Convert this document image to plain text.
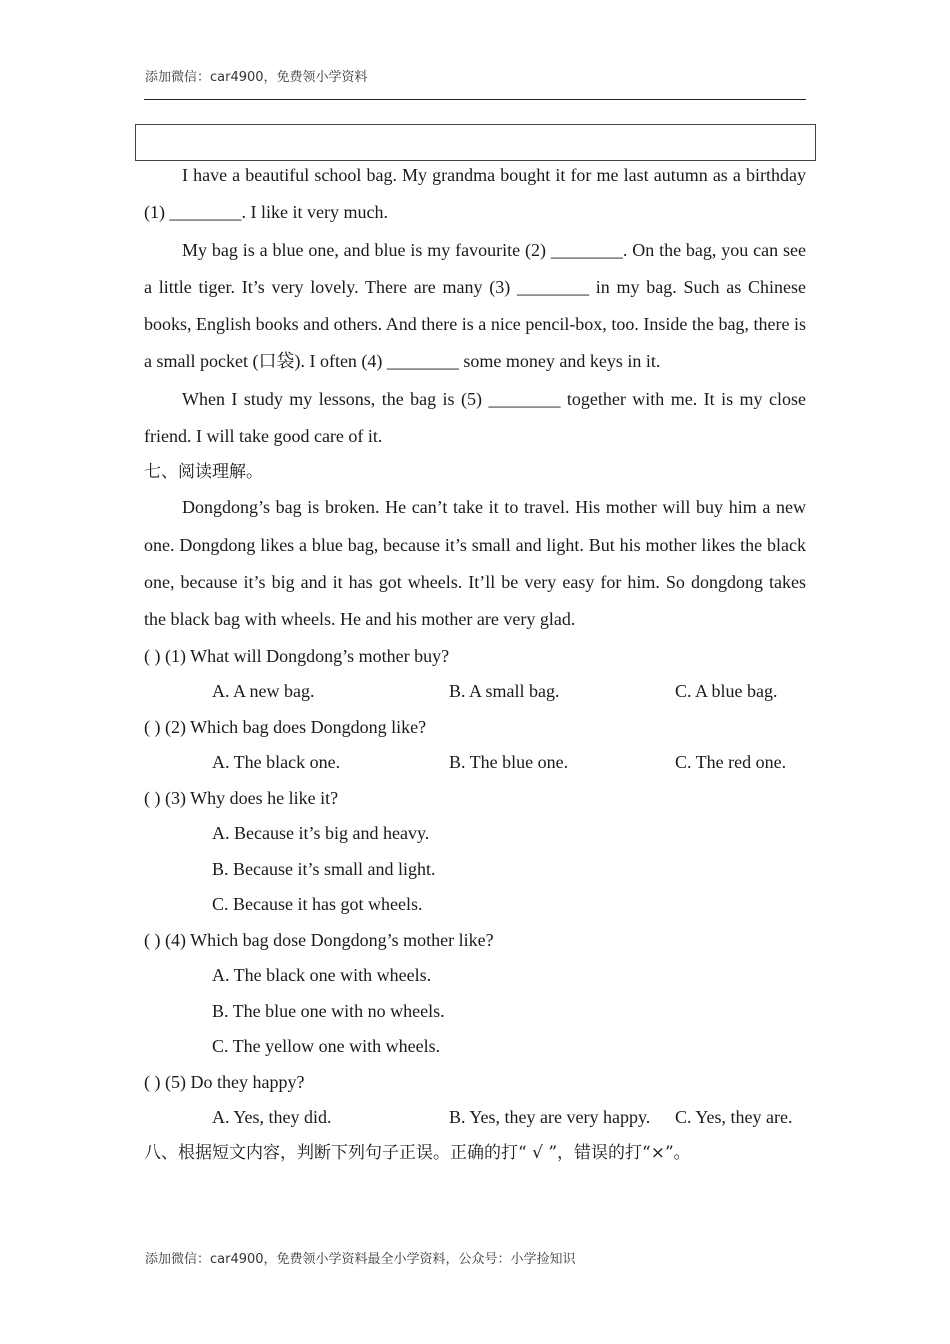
添加微信：car4900，免费领小学资料

I have a beautiful school bag. My grandma bought it for me last autumn as a birthday (1) ________. I like it very much.

My bag is a blue one, and blue is my favourite (2) ________. On the bag, you can see a little tiger. It’s very lovely. There are many (3) ________ in my bag. Such as Chinese books, English books and others. And there is a nice pencil-box, too. Inside the bag, there is a small pocket (口袋). I often (4) ________ some money and keys in it.

When I study my lessons, the bag is (5) ________ together with me. It is my close friend. I will take good care of it.

七、阅读理解。

Dongdong’s bag is broken. He can’t take it to travel. His mother will buy him a new one. Dongdong likes a blue bag, because it’s small and light. But his mother likes the black one, because it’s big and it has got wheels. It’ll be very easy for him. So dongdong takes the black bag with wheels. He and his mother are very glad.

( ) (1) What will Dongdong’s mother buy?

A. A new bag.	B. A small bag.	C. A blue bag.

( ) (2) Which bag does Dongdong like?

A. The black one.	B. The blue one.	C. The red one.

( ) (3) Why does he like it?

A. Because it’s big and heavy.

B. Because it’s small and light.

C. Because it has got wheels.

( ) (4) Which bag dose Dongdong’s mother like?

A. The black one with wheels.

B. The blue one with no wheels.

C. The yellow one with wheels.

( ) (5) Do they happy?

A. Yes, they did.	B. Yes, they are very happy. C. Yes, they are.

八、根据短文内容，判断下列句子正误。正确的打“ √ ”，错误的打“×”。

添加微信：car4900，免费领小学资料最全小学资料，公众号：小学捡知识
